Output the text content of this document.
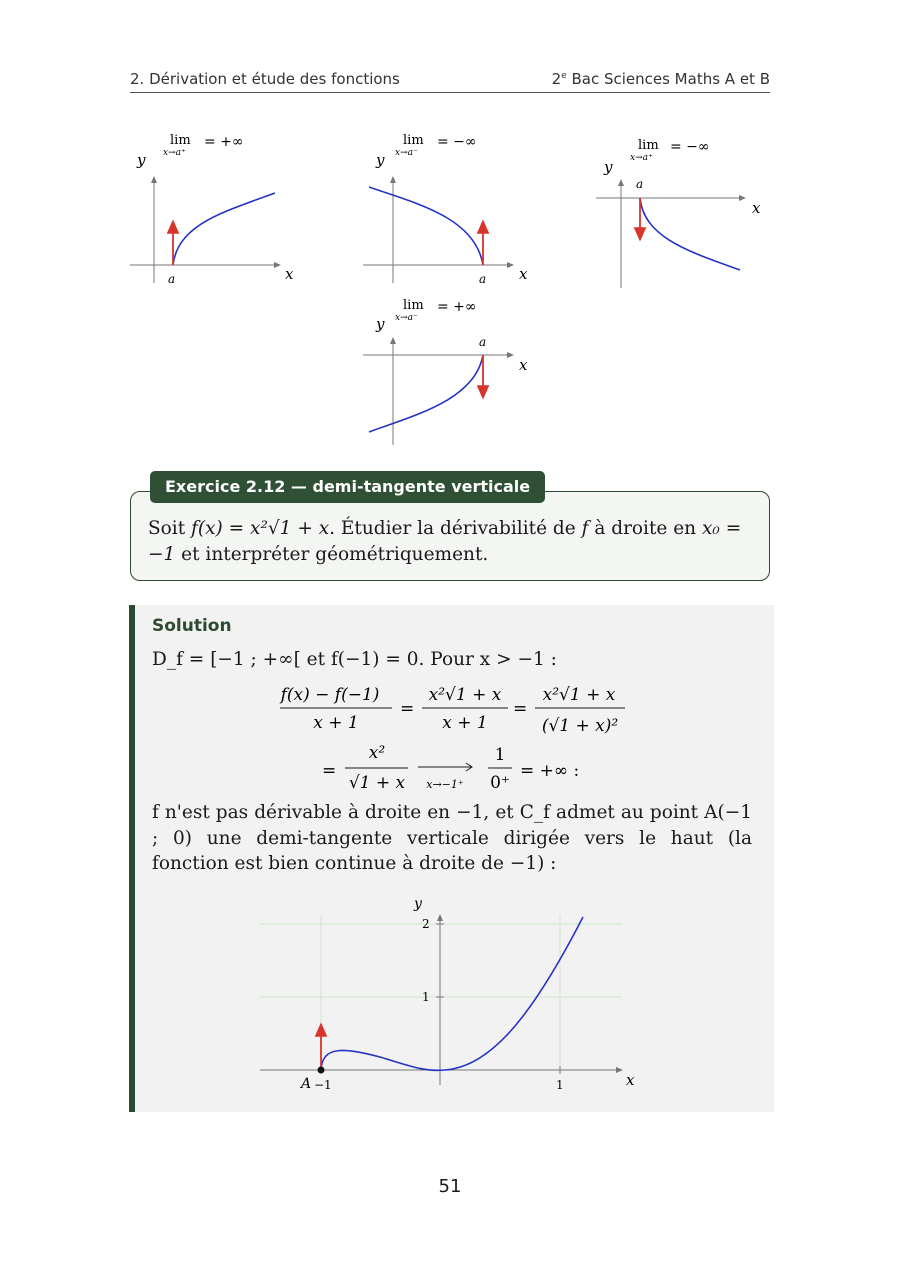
2. Dérivation et étude des fonctions	2e Bac Sciences Maths A et B
lim
x→a⁺
= +∞
y
a	x
lim
x→a⁻
= −∞
y
a x
lim
x→a⁺
= −∞
y
a
x
lim
x→a⁻
= +∞
y
a
x
Exercice 2.12 — demi-tangente verticale
Soit f(x) = x²√1 + x. Étudier la dérivabilité de f à droite en x₀ = −1 et interpréter géométriquement.
Solution
D_f = [−1 ; +∞[ et f(−1) = 0. Pour x > −1 :
f(x) − f(−1)
x + 1
=
x²√1 + x
x + 1
=
x²√1 + x
(√1 + x)²
=
x²
√1 + x x→−1⁺
1
0⁺
= +∞ :
f n'est pas dérivable à droite en −1, et C_f admet au point A(−1 ; 0) une demi-tangente verticale dirigée vers le haut (la fonction est bien continue à droite de −1) :
y
2
1
−1	1
A	x
51
